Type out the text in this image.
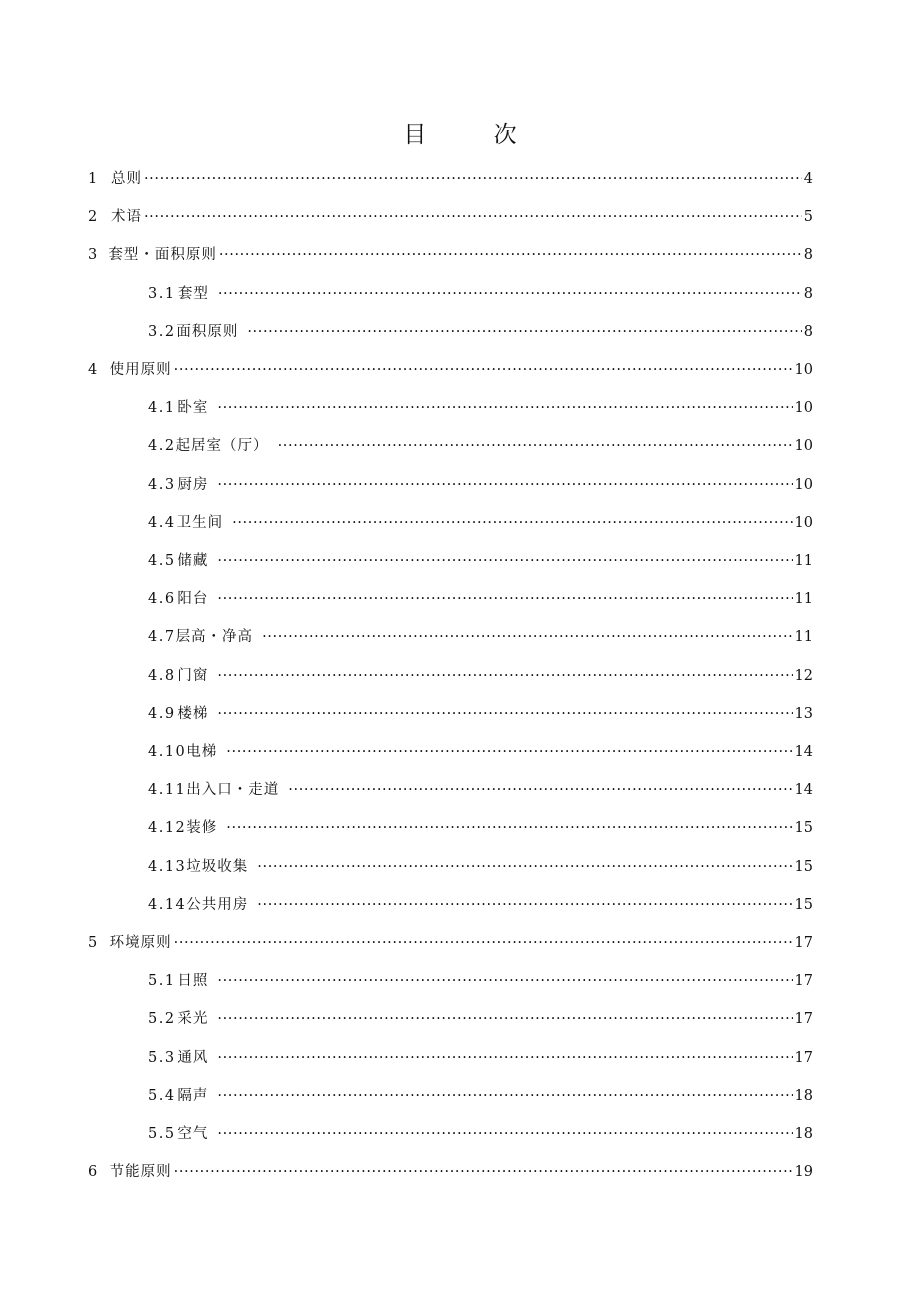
目 次
1 总则 ·····	4
2 术语 ·····	5
3 套型・面积原则 ·····	8
3.1 套型 ·····	8
3.2 面积原则 ·····	8
4 使用原则 ·····	10
4.1 卧室 ·····	10
4.2 起居室（厅） ·····	10
4.3 厨房 ·····	10
4.4 卫生间 ·····	10
4.5 储藏 ·····	11
4.6 阳台 ·····	11
4.7 层高・净高 ·····	11
4.8 门窗 ·····	12
4.9 楼梯 ·····	13
4.10 电梯 ·····	14
4.11 出入口・走道 ·····	14
4.12 装修 ·····	15
4.13 垃圾收集 ·····	15
4.14 公共用房 ·····	15
5 环境原则 ·····	17
5.1 日照 ·····	17
5.2 采光 ·····	17
5.3 通风 ·····	17
5.4 隔声 ·····	18
5.5 空气 ·····	18
6 节能原则 ·····	19
